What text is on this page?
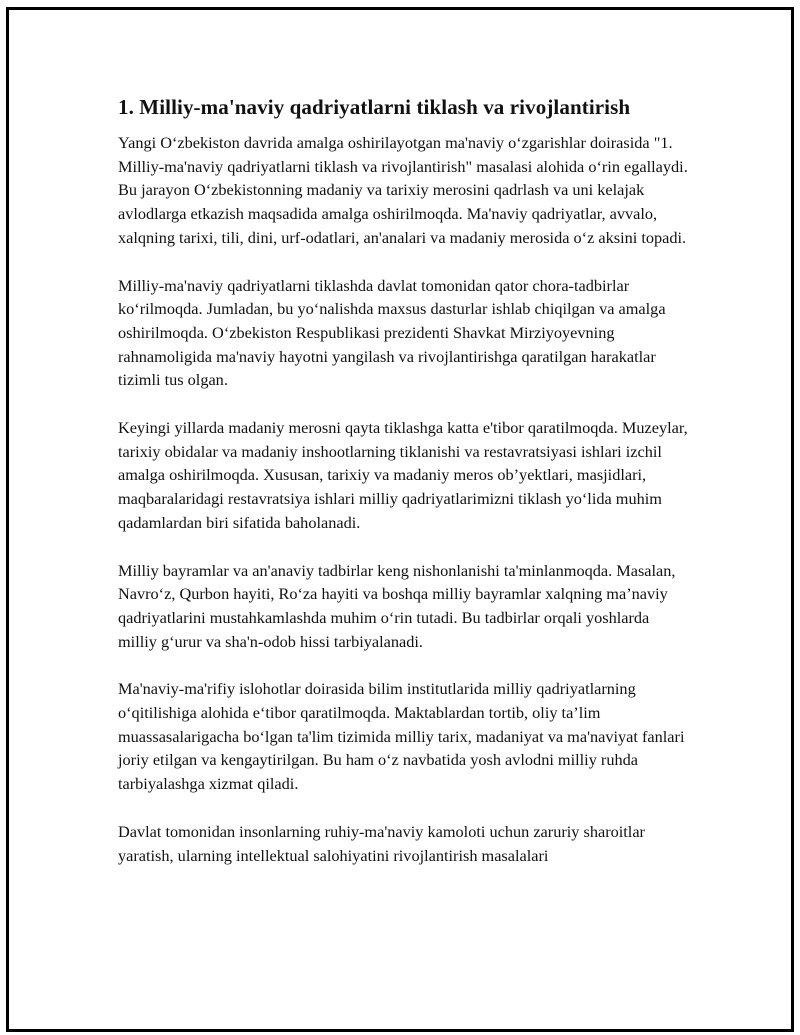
1. Milliy-ma'naviy qadriyatlarni tiklash va rivojlantirish

Yangi O‘zbekiston davrida amalga oshirilayotgan ma'naviy o‘zgarishlar doirasida "1. Milliy-ma'naviy qadriyatlarni tiklash va rivojlantirish" masalasi alohida o‘rin egallaydi. Bu jarayon O‘zbekistonning madaniy va tarixiy merosini qadrlash va uni kelajak avlodlarga etkazish maqsadida amalga oshirilmoqda. Ma'naviy qadriyatlar, avvalo, xalqning tarixi, tili, dini, urf-odatlari, an'analari va madaniy merosida o‘z aksini topadi.

Milliy-ma'naviy qadriyatlarni tiklashda davlat tomonidan qator chora-tadbirlar ko‘rilmoqda. Jumladan, bu yo‘nalishda maxsus dasturlar ishlab chiqilgan va amalga oshirilmoqda. O‘zbekiston Respublikasi prezidenti Shavkat Mirziyoyevning rahnamoligida ma'naviy hayotni yangilash va rivojlantirishga qaratilgan harakatlar tizimli tus olgan.

Keyingi yillarda madaniy merosni qayta tiklashga katta e'tibor qaratilmoqda. Muzeylar, tarixiy obidalar va madaniy inshootlarning tiklanishi va restavratsiyasi ishlari izchil amalga oshirilmoqda. Xususan, tarixiy va madaniy meros ob’yektlari, masjidlari, maqbaralaridagi restavratsiya ishlari milliy qadriyatlarimizni tiklash yo‘lida muhim qadamlardan biri sifatida baholanadi.

Milliy bayramlar va an'anaviy tadbirlar keng nishonlanishi ta'minlanmoqda. Masalan, Navro‘z, Qurbon hayiti, Ro‘za hayiti va boshqa milliy bayramlar xalqning ma’naviy qadriyatlarini mustahkamlashda muhim o‘rin tutadi. Bu tadbirlar orqali yoshlarda milliy g‘urur va sha'n-odob hissi tarbiyalanadi.

Ma'naviy-ma'rifiy islohotlar doirasida bilim institutlarida milliy qadriyatlarning o‘qitilishiga alohida e‘tibor qaratilmoqda. Maktablardan tortib, oliy ta’lim muassasalarigacha bo‘lgan ta'lim tizimida milliy tarix, madaniyat va ma'naviyat fanlari joriy etilgan va kengaytirilgan. Bu ham o‘z navbatida yosh avlodni milliy ruhda tarbiyalashga xizmat qiladi.

Davlat tomonidan insonlarning ruhiy-ma'naviy kamoloti uchun zaruriy sharoitlar yaratish, ularning intellektual salohiyatini rivojlantirish masalalari
